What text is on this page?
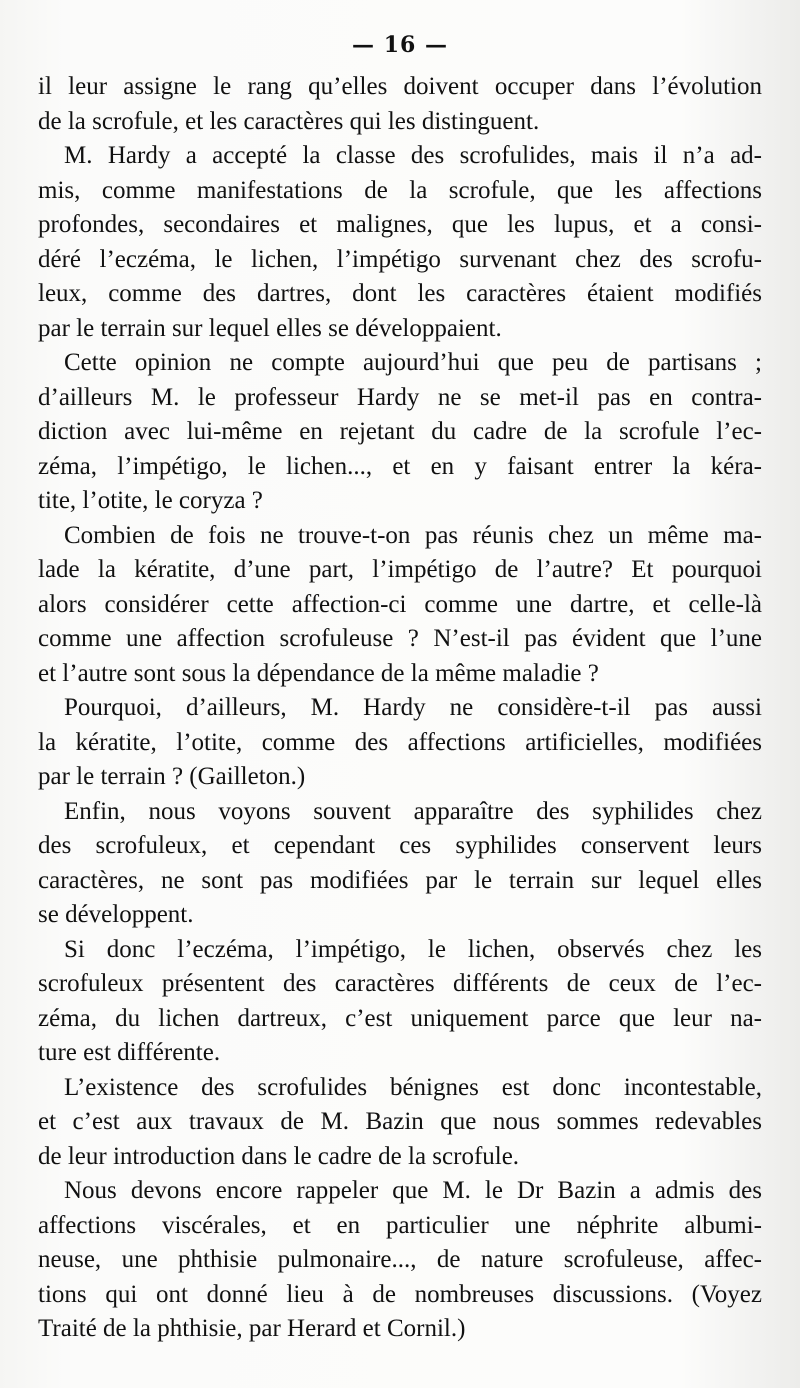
— 16 —
il leur assigne le rang qu’elles doivent occuper dans l’évolution
de la scrofule, et les caractères qui les distinguent.
M. Hardy a accepté la classe des scrofulides, mais il n’a ad-
mis, comme manifestations de la scrofule, que les affections
profondes, secondaires et malignes, que les lupus, et a consi-
déré l’eczéma, le lichen, l’impétigo survenant chez des scrofu-
leux, comme des dartres, dont les caractères étaient modifiés
par le terrain sur lequel elles se développaient.
Cette opinion ne compte aujourd’hui que peu de partisans ;
d’ailleurs M. le professeur Hardy ne se met-il pas en contra-
diction avec lui-même en rejetant du cadre de la scrofule l’ec-
zéma, l’impétigo, le lichen..., et en y faisant entrer la kéra-
tite, l’otite, le coryza ?
Combien de fois ne trouve-t-on pas réunis chez un même ma-
lade la kératite, d’une part, l’impétigo de l’autre? Et pourquoi
alors considérer cette affection-ci comme une dartre, et celle-là
comme une affection scrofuleuse ? N’est-il pas évident que l’une
et l’autre sont sous la dépendance de la même maladie ?
Pourquoi, d’ailleurs, M. Hardy ne considère-t-il pas aussi
la kératite, l’otite, comme des affections artificielles, modifiées
par le terrain ? (Gailleton.)
Enfin, nous voyons souvent apparaître des syphilides chez
des scrofuleux, et cependant ces syphilides conservent leurs
caractères, ne sont pas modifiées par le terrain sur lequel elles
se développent.
Si donc l’eczéma, l’impétigo, le lichen, observés chez les
scrofuleux présentent des caractères différents de ceux de l’ec-
zéma, du lichen dartreux, c’est uniquement parce que leur na-
ture est différente.
L’existence des scrofulides bénignes est donc incontestable,
et c’est aux travaux de M. Bazin que nous sommes redevables
de leur introduction dans le cadre de la scrofule.
Nous devons encore rappeler que M. le Dr Bazin a admis des
affections viscérales, et en particulier une néphrite albumi-
neuse, une phthisie pulmonaire..., de nature scrofuleuse, affec-
tions qui ont donné lieu à de nombreuses discussions. (Voyez
Traité de la phthisie, par Herard et Cornil.)
